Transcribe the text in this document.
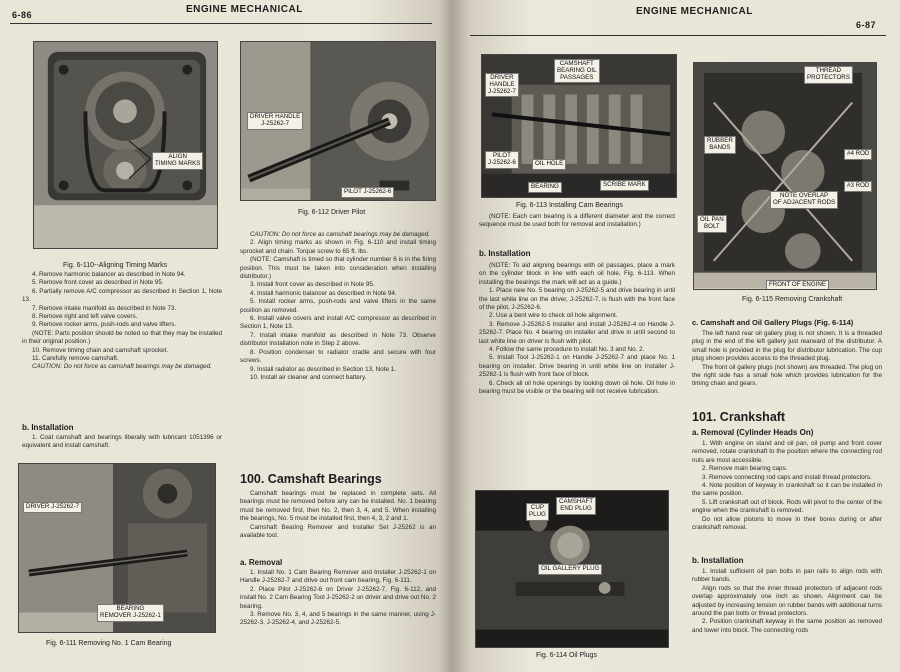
6-86	ENGINE MECHANICAL
ALIGN
TIMING MARKS
Fig. 6-110--Aligning Timing Marks
DRIVER HANDLE
J-25262-7
PILOT J-25262-6
Fig. 6-112 Driver Pilot

4. Remove harmonic balancer as described in Note 94.

5. Remove front cover as described in Note 95.

6. Partially remove A/C compressor as described in Section 1, Note 13.

7. Remove intake manifold as described in Note 73.

8. Remove right and left valve covers.

9. Remove rocker arms, push-rods and valve lifters.

(NOTE: Parts position should be noted so that they may be installed in their original position.)

10. Remove timing chain and camshaft sprocket.

11. Carefully remove camshaft.

CAUTION: Do not force as camshaft bearings may be damaged.

b. Installation

1. Coat camshaft and bearings liberally with lubricant 1051396 or equivalent and install camshaft.

DRIVER J-25262-7
BEARING
REMOVER J-25262-1
Fig. 6-111 Removing No. 1 Cam Bearing

CAUTION: Do not force as camshaft bearings may be damaged.

2. Align timing marks as shown in Fig. 6-110 and install timing sprocket and chain. Torque screw to 65 ft. lbs.

(NOTE: Camshaft is timed so that cylinder number 6 is in the firing position. This must be taken into consideration when installing distributor.)

3. Install front cover as described in Note 95.

4. Install harmonic balancer as described in Note 94.

5. Install rocker arms, push-rods and valve lifters in the same position as removed.

6. Install valve covers and install A/C compressor as described in Section 1, Note 13.

7. Install intake manifold as described in Note 73. Observe distributor installation note in Step 2 above.

8. Position condenser to radiator cradle and secure with four screws.

9. Install radiator as described in Section 13, Note 1.

10. Install air cleaner and connect battery.

100. Camshaft Bearings

Camshaft bearings must be replaced in complete sets. All bearings must be removed before any can be installed. No. 1 bearing must be removed first, then No. 2, then 3, 4, and 5. When installing the bearings, No. 5 must be installed first, then 4, 3, 2 and 1.

Camshaft Bearing Remover and Installer Set J-25262 is an available tool.

a. Removal

1. Install No. 1 Cam Bearing Remover and Installer J-25262-1 on Handle J-25262-7 and drive out front cam bearing, Fig. 6-111.

2. Place Pilot J-25262-6 on Driver J-25262-7, Fig. 6-112, and install No. 2 Cam Bearing Tool J-25262-2 on driver and drive out No. 2 bearing.

3. Remove No. 3, 4, and 5 bearings in the same manner, using J-25262-3, J-25262-4, and J-25262-5.

ENGINE MECHANICAL
6-87
DRIVER
HANDLE
J-25262-7
CAMSHAFT
BEARING OIL
PASSAGES
PILOT
J-25262-6	OIL HOLE
BEARING	SCRIBE MARK
Fig. 6-113 Installing Cam Bearings

(NOTE: Each cam bearing is a different diameter and the correct sequence must be used both for removal and installation.)

b. Installation

(NOTE: To aid aligning bearings with oil passages, place a mark on the cylinder block in line with each oil hole, Fig. 6-113. When installing the bearings the mark will act as a guide.)

1. Place new No. 5 bearing on J-25262-5 and drive bearing in until the last white line on the driver, J-25262-7, is flush with the front face of the pilot, J-25262-6.

2. Use a bent wire to check oil hole alignment.

3. Remove J-25262-5 Installer and install J-25262-4 on Handle J-25262-7. Place No. 4 bearing on installer and drive in until second to last white line on driver is flush with pilot.

4. Follow the same procedure to install No. 3 and No. 2.

5. Install Tool J-25262-1 on Handle J-25262-7 and place No. 1 bearing on installer. Drive bearing in until white line on Installer J-25262-1 is flush with front face of block.

6. Check all oil hole openings by looking down oil hole. Oil hole in bearing must be visible or the bearing will not receive lubrication.

CUP
PLUG
CAMSHAFT
END PLUG
OIL GALLERY PLUG
Fig. 6-114 Oil Plugs
THREAD
PROTECTORS
RUBBER
BANDS
#4 ROD
#3 ROD
NOTE OVERLAP
OF ADJACENT RODS
OIL PAN
BOLT
FRONT OF ENGINE
Fig. 6-115 Removing Crankshaft
c. Camshaft and Oil Gallery Plugs (Fig. 6-114)

The left hand rear oil gallery plug is not shown. It is a threaded plug in the end of the left gallery just rearward of the distributor. A small hole is provided in the plug for distributor lubrication. The cup plug shown provides access to the threaded plug.

The front oil gallery plugs (not shown) are threaded. The plug on the right side has a small hole which provides lubrication for the timing chain and gears.

101. Crankshaft
a. Removal (Cylinder Heads On)

1. With engine on stand and oil pan, oil pump and front cover removed, rotate crankshaft to the position where the connecting rod nuts are most accessible.

2. Remove main bearing caps.

3. Remove connecting rod caps and install thread protectors.

4. Note position of keyway in crankshaft so it can be installed in the same position.

5. Lift crankshaft out of block. Rods will pivot to the center of the engine when the crankshaft is removed.

Do not allow pistons to move in their bores during or after crankshaft removal.

b. Installation

1. Install sufficient oil pan bolts in pan rails to align rods with rubber bands.

Align rods so that the inner thread protectors of adjacent rods overlap approximately one inch as shown. Alignment can be adjusted by increasing tension on rubber bands with additional turns around the pan bolts or thread protectors.

2. Position crankshaft keyway in the same position as removed and lower into block. The connecting rods
